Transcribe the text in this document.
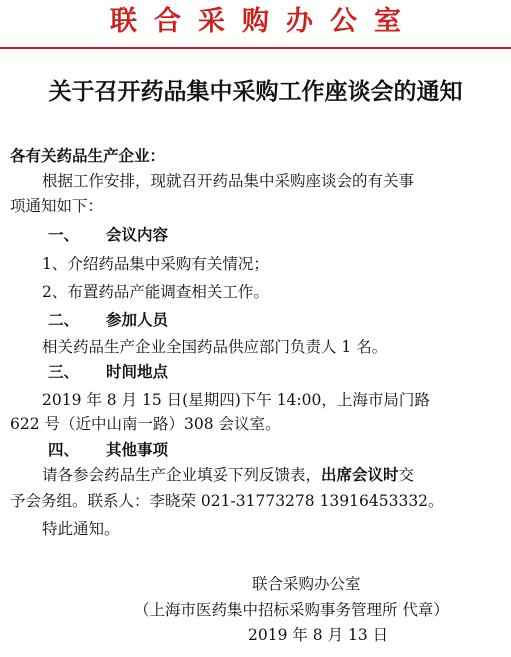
联合采购办公室
关于召开药品集中采购工作座谈会的通知
各有关药品生产企业：
根据工作安排，现就召开药品集中采购座谈会的有关事
项通知如下：
一、 会议内容
1、介绍药品集中采购有关情况；
2、布置药品产能调查相关工作。
二、 参加人员
相关药品生产企业全国药品供应部门负责人 1 名。
三、 时间地点
2019 年 8 月 15 日(星期四)下午 14:00，上海市局门路
622 号（近中山南一路）308 会议室。
四、 其他事项
请各参会药品生产企业填妥下列反馈表，出席会议时交
予会务组。联系人：李晓荣 021-31773278 13916453332。
特此通知。
联合采购办公室
（上海市医药集中招标采购事务管理所 代章）
2019 年 8 月 13 日
